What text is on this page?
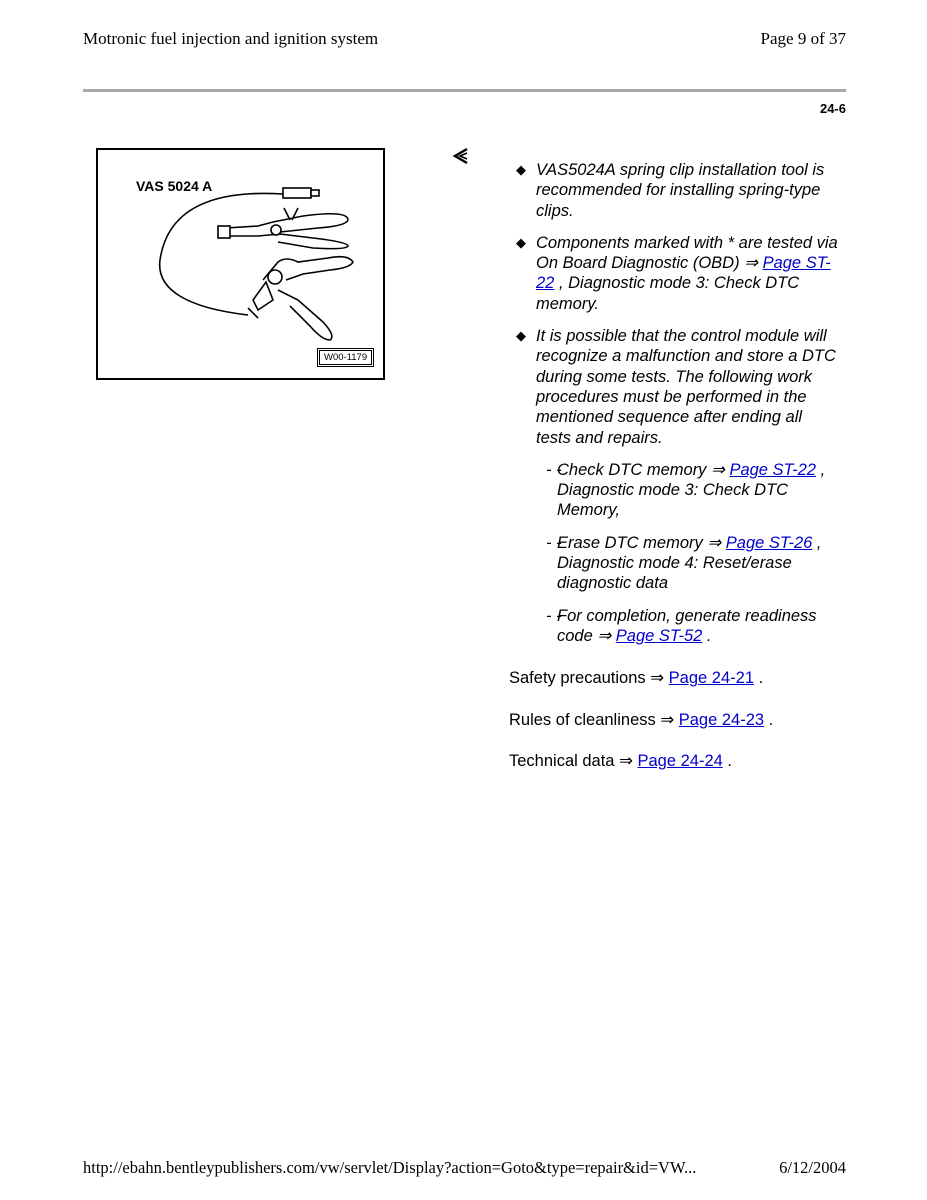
Motronic fuel injection and ignition system	Page 9 of 37
24-6
VAS 5024 A
W00-1179
◆ VAS5024A spring clip installation tool is recommended for installing spring-type clips.
◆ Components marked with * are tested via On Board Diagnostic (OBD) ⇒ Page ST-22 , Diagnostic mode 3: Check DTC memory.
◆ It is possible that the control module will recognize a malfunction and store a DTC during some tests. The following work procedures must be performed in the mentioned sequence after ending all tests and repairs.
- -
Check DTC memory ⇒ Page ST-22 , Diagnostic mode 3: Check DTC Memory,
- -
Erase DTC memory ⇒ Page ST-26 , Diagnostic mode 4: Reset/erase diagnostic data
- -
For completion, generate readiness code ⇒ Page ST-52 .
Safety precautions ⇒ Page 24-21 .
Rules of cleanliness ⇒ Page 24-23 .
Technical data ⇒ Page 24-24 .
http://ebahn.bentleypublishers.com/vw/servlet/Display?action=Goto&type=repair&id=VW...	6/12/2004
